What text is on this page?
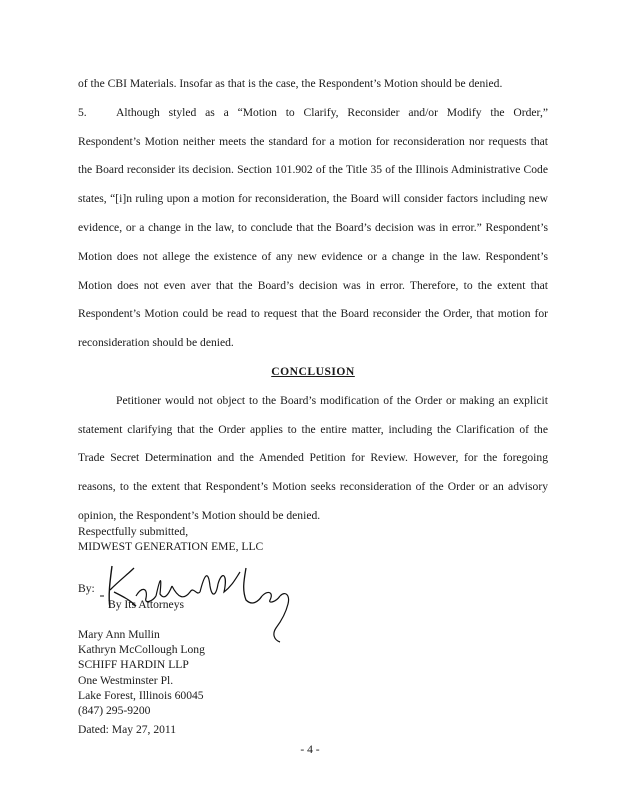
of the CBI Materials. Insofar as that is the case, the Respondent’s Motion should be denied.

5.	Although styled as a “Motion to Clarify, Reconsider and/or Modify the Order,” Respondent’s Motion neither meets the standard for a motion for reconsideration nor requests that the Board reconsider its decision. Section 101.902 of the Title 35 of the Illinois Administrative Code states, “[i]n ruling upon a motion for reconsideration, the Board will consider factors including new evidence, or a change in the law, to conclude that the Board’s decision was in error.” Respondent’s Motion does not allege the existence of any new evidence or a change in the law. Respondent’s Motion does not even aver that the Board’s decision was in error. Therefore, to the extent that Respondent’s Motion could be read to request that the Board reconsider the Order, that motion for reconsideration should be denied.

CONCLUSION

Petitioner would not object to the Board’s modification of the Order or making an explicit statement clarifying that the Order applies to the entire matter, including the Clarification of the Trade Secret Determination and the Amended Petition for Review. However, for the foregoing reasons, to the extent that Respondent’s Motion seeks reconsideration of the Order or an advisory opinion, the Respondent’s Motion should be denied.

Respectfully submitted,
MIDWEST GENERATION EME, LLC
By:
By Its Attorneys
Mary Ann Mullin
Kathryn McCollough Long
SCHIFF HARDIN LLP
One Westminster Pl.
Lake Forest, Illinois 60045
(847) 295-9200
Dated: May 27, 2011
- 4 -
